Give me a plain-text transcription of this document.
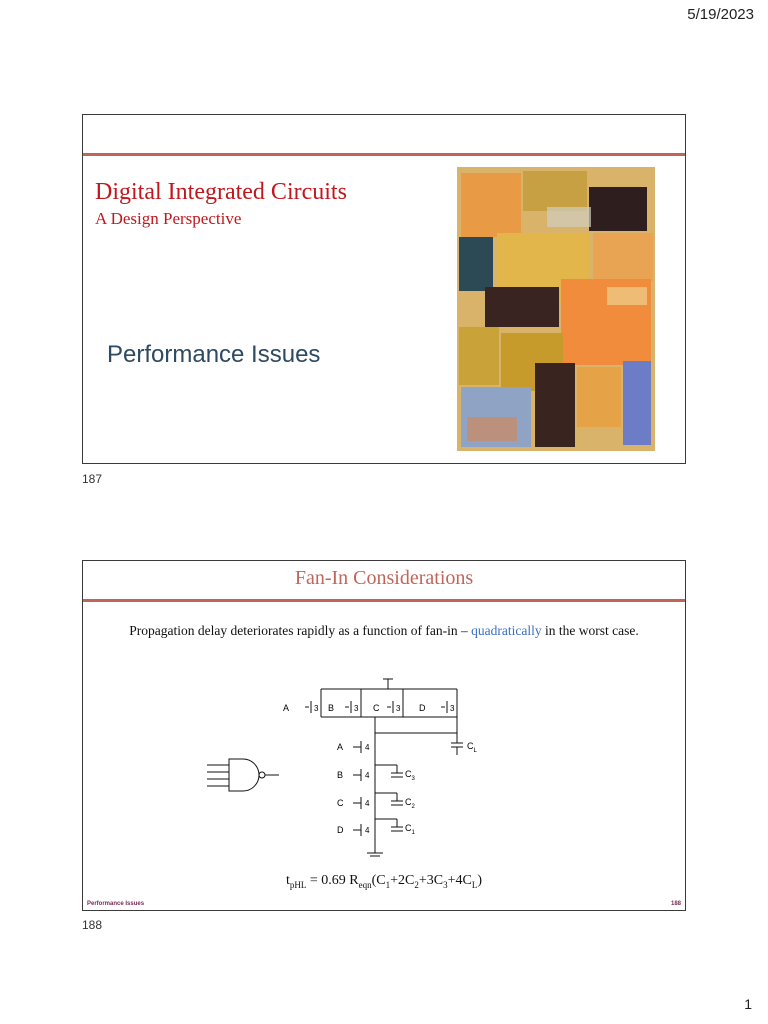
5/19/2023
Digital Integrated Circuits
A Design Perspective
Performance Issues
187
Fan-In Considerations
Propagation delay deteriorates rapidly as a function of fan-in – quadratically in the worst case.
A	3 B 3 C 3 D	3
A	4
B	4
C	4
D	4
$C_L$
$C_3$
$C_2$
$C_1$
$t_{pHL} = 0.69$ $R_{eqn}(C_1+2C_2+3C_3+4C_L)$
Performance Issues	188
188
1
